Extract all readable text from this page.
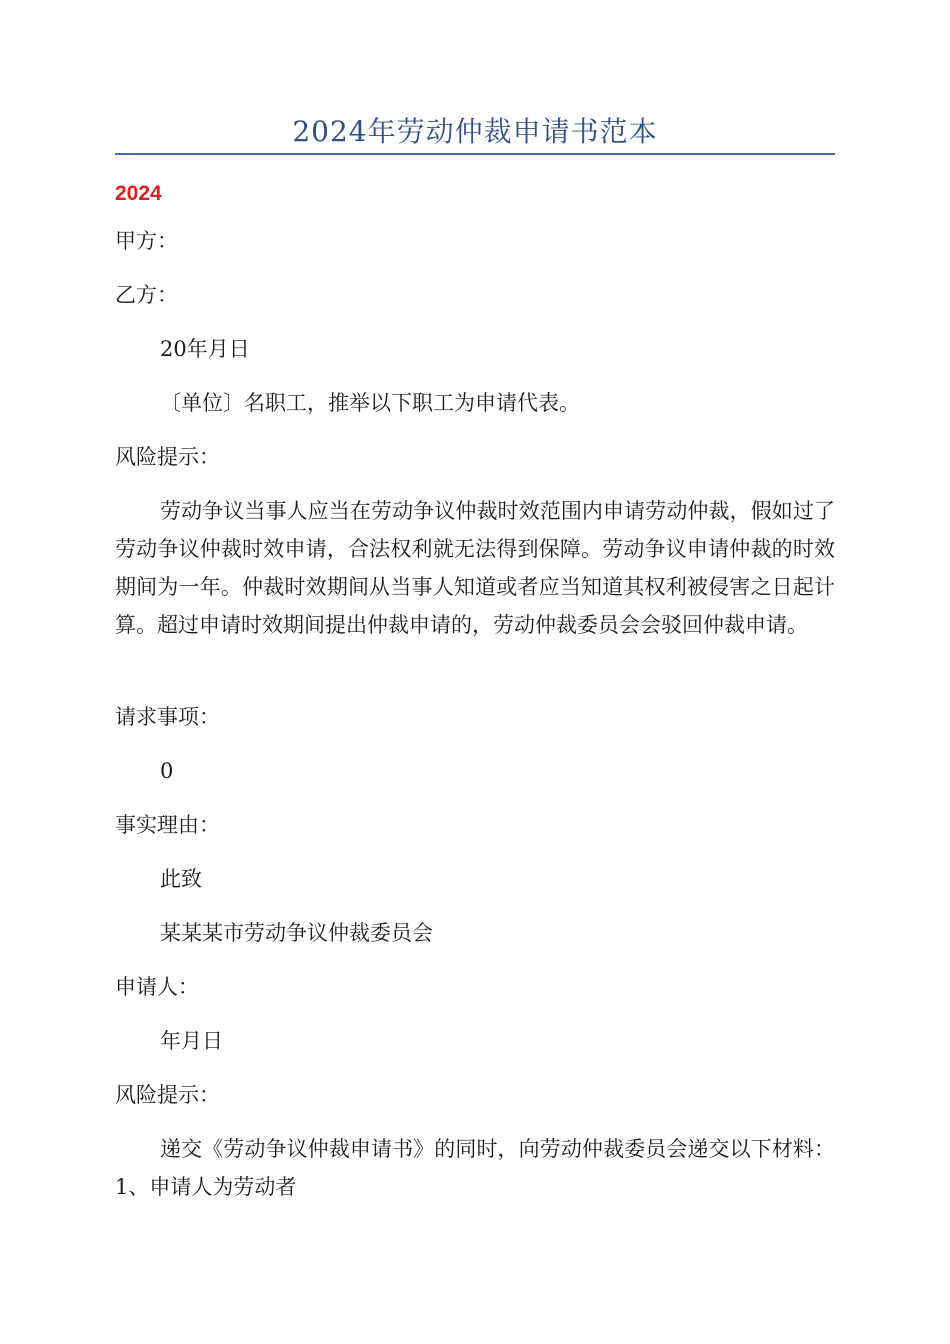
2024年劳动仲裁申请书范本
2024
甲方：
乙方：
20年月日
〔单位〕名职工，推举以下职工为申请代表。
风险提示：
劳动争议当事人应当在劳动争议仲裁时效范围内申请劳动仲裁，假如过了劳动争议仲裁时效申请，合法权利就无法得到保障。劳动争议申请仲裁的时效期间为一年。仲裁时效期间从当事人知道或者应当知道其权利被侵害之日起计算。超过申请时效期间提出仲裁申请的，劳动仲裁委员会会驳回仲裁申请。
请求事项：
0
事实理由：
此致
某某某市劳动争议仲裁委员会
申请人：
年月日
风险提示：
递交《劳动争议仲裁申请书》的同时，向劳动仲裁委员会递交以下材料：1、申请人为劳动者
